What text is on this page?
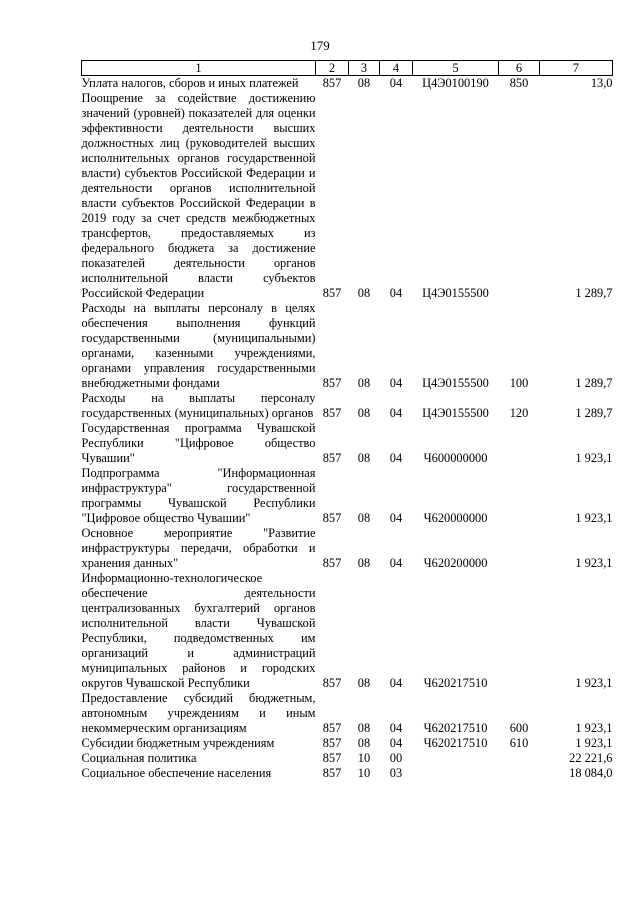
179
1	2	3	4	5	6	7
Уплата налогов, сборов и иных платежей	857	08	04	Ц4Э0100190	850	13,0
Поощрение за содействие достижению значений (уровней) показателей для оценки эффективности деятельности высших должностных лиц (руководителей высших исполнительных органов государственной власти) субъектов Российской Федерации и деятельности органов исполнительной власти субъектов Российской Федерации в 2019 году за счет средств межбюджетных трансфертов, предоставляемых из федерального бюджета за достижение показателей деятельности органов исполнительной власти субъектов Российской Федерации	857	08	04	Ц4Э0155500		1 289,7
Расходы на выплаты персоналу в целях обеспечения выполнения функций государственными (муниципальными) органами, казенными учреждениями, органами управления государственными внебюджетными фондами	857	08	04	Ц4Э0155500	100	1 289,7
Расходы на выплаты персоналу государственных (муниципальных) органов	857	08	04	Ц4Э0155500	120	1 289,7
Государственная программа Чувашской Республики "Цифровое общество Чувашии"	857	08	04	Ч600000000		1 923,1
Подпрограмма "Информационная инфраструктура" государственной программы Чувашской Республики "Цифровое общество Чувашии"	857	08	04	Ч620000000		1 923,1
Основное мероприятие "Развитие инфраструктуры передачи, обработки и хранения данных"	857	08	04	Ч620200000		1 923,1
Информационно-технологическое обеспечение деятельности централизованных бухгалтерий органов исполнительной власти Чувашской Республики, подведомственных им организаций и администраций муниципальных районов и городских округов Чувашской Республики	857	08	04	Ч620217510		1 923,1
Предоставление субсидий бюджетным, автономным учреждениям и иным некоммерческим организациям	857	08	04	Ч620217510	600	1 923,1
Субсидии бюджетным учреждениям	857	08	04	Ч620217510	610	1 923,1
Социальная политика	857	10	00			22 221,6
Социальное обеспечение населения	857	10	03			18 084,0
